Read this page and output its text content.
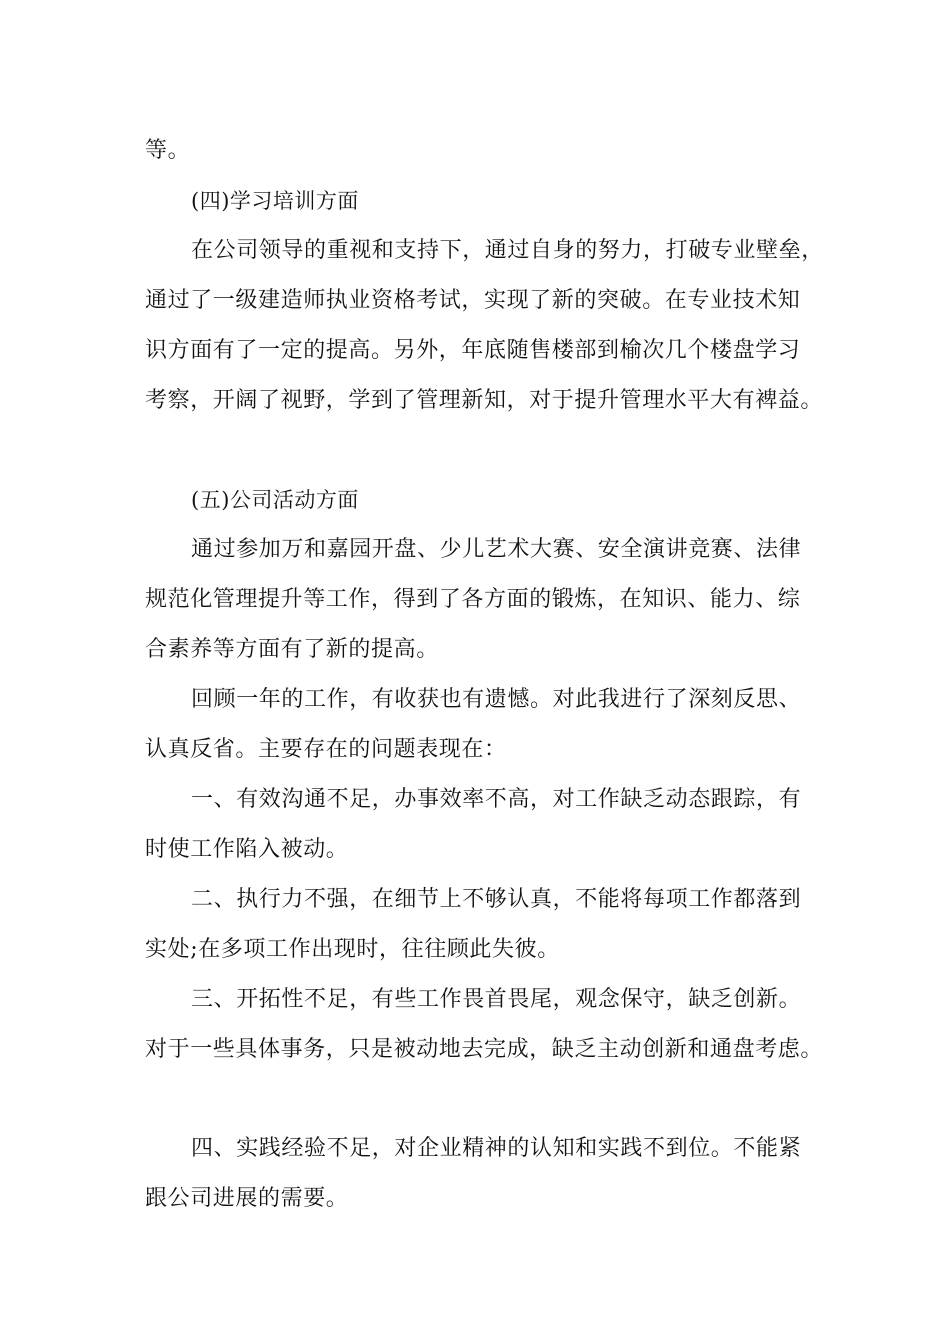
等。
(四)学习培训方面
在公司领导的重视和支持下，通过自身的努力，打破专业壁垒，
通过了一级建造师执业资格考试，实现了新的突破。在专业技术知
识方面有了一定的提高。另外，年底随售楼部到榆次几个楼盘学习
考察，开阔了视野，学到了管理新知，对于提升管理水平大有裨益。
(五)公司活动方面
通过参加万和嘉园开盘、少儿艺术大赛、安全演讲竞赛、法律
规范化管理提升等工作，得到了各方面的锻炼，在知识、能力、综
合素养等方面有了新的提高。
回顾一年的工作，有收获也有遗憾。对此我进行了深刻反思、
认真反省。主要存在的问题表现在：
一、有效沟通不足，办事效率不高，对工作缺乏动态跟踪，有
时使工作陷入被动。
二、执行力不强，在细节上不够认真，不能将每项工作都落到
实处;在多项工作出现时，往往顾此失彼。
三、开拓性不足，有些工作畏首畏尾，观念保守，缺乏创新。
对于一些具体事务，只是被动地去完成，缺乏主动创新和通盘考虑。
四、实践经验不足，对企业精神的认知和实践不到位。不能紧
跟公司进展的需要。
